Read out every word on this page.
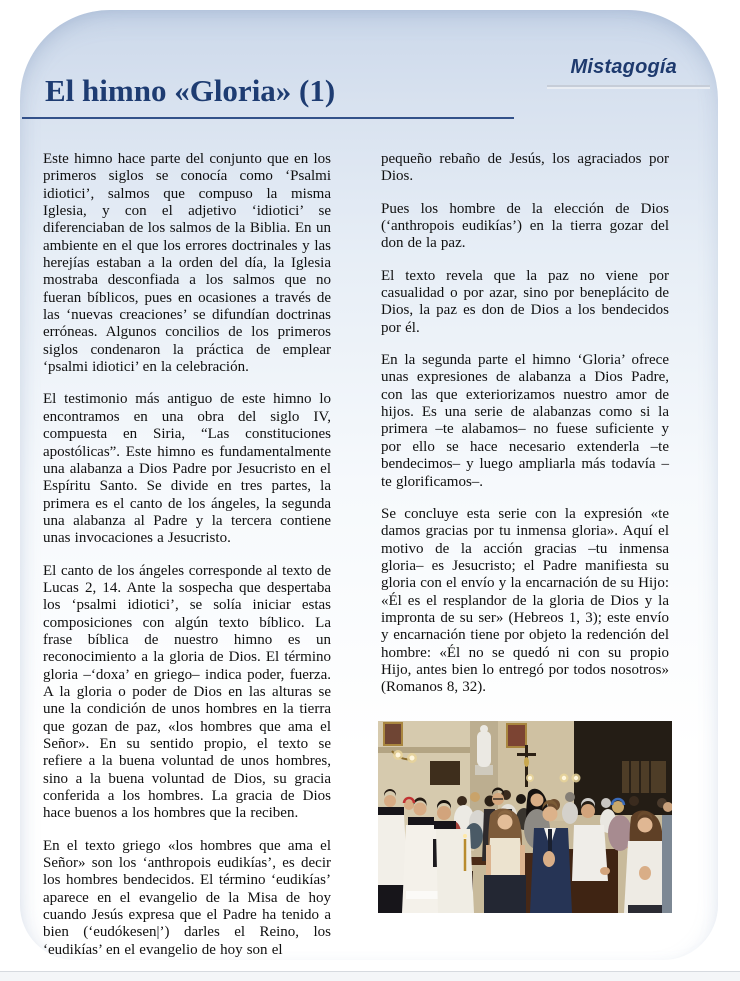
Mistagogía
El himno «Gloria» (1)

Este himno hace parte del conjunto que en los primeros siglos se conocía como ‘Psalmi idiotici’, salmos que compuso la misma Iglesia, y con el adjetivo ‘idiotici’ se diferenciaban de los salmos de la Biblia. En un ambiente en el que los errores doctrinales y las herejías estaban a la orden del día, la Iglesia mostraba desconfiada a los salmos que no fueran bíblicos, pues en ocasiones a través de las ‘nuevas creaciones’ se difundían doctrinas erróneas. Algunos concilios de los primeros siglos condenaron la práctica de emplear ‘psalmi idiotici’ en la celebración.

El testimonio más antiguo de este himno lo encontramos en una obra del siglo IV, compuesta en Siria, “Las constituciones apostólicas”. Este himno es fundamentalmente una alabanza a Dios Padre por Jesucristo en el Espíritu Santo. Se divide en tres partes, la primera es el canto de los ángeles, la segunda una alabanza al Padre y la tercera contiene unas invocaciones a Jesucristo.

El canto de los ángeles corresponde al texto de Lucas 2, 14. Ante la sospecha que despertaba los ‘psalmi idiotici’, se solía iniciar estas composiciones con algún texto bíblico. La frase bíblica de nuestro himno es un reconocimiento a la gloria de Dios. El término gloria –‘doxa’ en griego– indica poder, fuerza. A la gloria o poder de Dios en las alturas se une la condición de unos hombres en la tierra que gozan de paz, «los hombres que ama el Señor». En su sentido propio, el texto se refiere a la buena voluntad de unos hombres, sino a la buena voluntad de Dios, su gracia conferida a los hombres. La gracia de Dios hace buenos a los hombres que la reciben.

En el texto griego «los hombres que ama el Señor» son los ‘anthropois eudikías’, es decir los hombres bendecidos. El término ‘eudikías’ aparece en el evangelio de la Misa de hoy cuando Jesús expresa que el Padre ha tenido a bien (‘eudókesen|’) darles el Reino, los ‘eudikías’ en el evangelio de hoy son el

pequeño rebaño de Jesús, los agraciados por Dios.

Pues los hombre de la elección de Dios (‘anthropois eudikías’) en la tierra gozar del don de la paz.

El texto revela que la paz no viene por casualidad o por azar, sino por beneplácito de Dios, la paz es don de Dios a los bendecidos por él.

En la segunda parte el himno ‘Gloria’ ofrece unas expresiones de alabanza a Dios Padre, con las que exteriorizamos nuestro amor de hijos. Es una serie de alabanzas como si la primera –te alabamos– no fuese suficiente y por ello se hace necesario extenderla –te bendecimos– y luego ampliarla más todavía –te glorificamos–.

Se concluye esta serie con la expresión «te damos gracias por tu inmensa gloria». Aquí el motivo de la acción gracias –tu inmensa gloria– es Jesucristo; el Padre manifiesta su gloria con el envío y la encarnación de su Hijo: «Él es el resplandor de la gloria de Dios y la impronta de su ser» (Hebreos 1, 3); este envío y encarnación tiene por objeto la redención del hombre: «Él no se quedó ni con su propio Hijo, antes bien lo entregó por todos nosotros» (Romanos 8, 32).
